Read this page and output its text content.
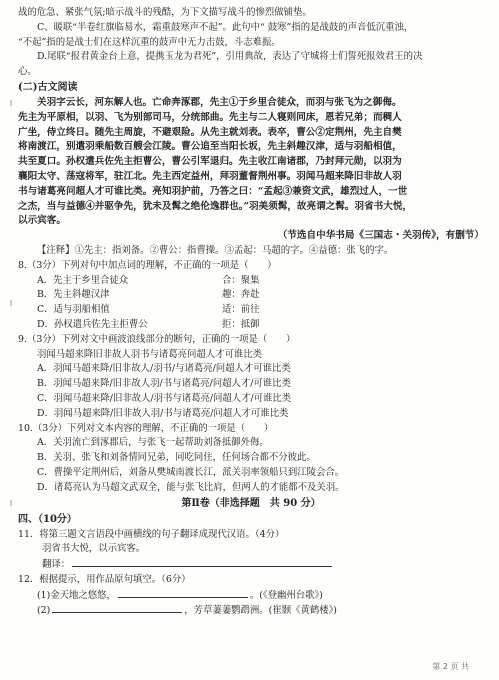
战的危急、紧张气氛;暗示战斗的残酷，为下文描写战斗的惨烈做铺垫。
C、暖联“半卷红旗临易水，霜重鼓寒声不起”。此句中“ 鼓寒”指的是战鼓的声音低沉重浊，
“不起”指的是战士们在这样沉重的鼓声中无力击鼓，斗志难振。
D.尾联“报君黄金台上意，提携玉龙为君死”，引用典故，表达了守城将士们誓死报效君王的决
心。
(二)古文阅读
关羽字云长，河东解人也。亡命奔涿郡，先主①于乡里合徒众，而羽与张飞为之御侮。
先主为平原相，以羽、飞为别部司马，分统部曲。先主与二人寝则同床，恩若兄弟；而稠人
广坐，侍立终日。随先主周旋，不避艰险。从先主就刘表。表卒，曹公②定荆州，先主自樊
将南渡江，别遣羽乘船数百艘会江陵。曹公追至当阳长坂，先主斜趣汉津，适与羽船相值，
共至夏口。孙权遣兵佐先主拒曹公，曹公引军退归。先主收江南诸郡，乃封拜元勋，以羽为
襄阳太守、荡寇将军，驻江北。先主西定益州，拜羽董督荆州事。羽闻马超来降旧非故人羽
书与诸葛亮问超人才可谁比类。亮知羽护前，乃答之曰：“孟起③兼资文武，雄烈过人，一世
之杰，当与益德④并驱争先，犹未及髯之绝伦逸群也。”羽美须髯，故亮谓之髯。羽省书大悦，
以示宾客。
（节选自中华书局《三国志・关羽传》，有删节）
【注释】①先主：指刘备。②曹公：指曹操。③孟起：马超的字。④益德：张飞的字。
8.（3分）下列对句中加点词的理解，不正确的一项是（　　）
A．先主于乡里合徒众	合：聚集
B．先主斜趣汉津	趣：奔赴
C．适与羽船相值	适：前往
D．孙权遣兵佐先主拒曹公	拒：抵御
9.（3分）下列对文中画波浪线部分的断句，正确的一项是（　　）
羽闻马超来降旧非故人羽书与诸葛亮问超人才可谁比类
A．羽闻马超来降/旧非故人/羽书/与诸葛亮/问超人才可谁比类
B．羽闻马超来降/旧非故人羽/书与诸葛亮/问超人才/可谁比类
C．羽闻马超来降/旧非故人/羽书与诸葛亮/问超人才/可谁比类
D．羽闻马超来降/旧非故人羽/书与诸葛亮/问超人才可谁比类
10.（3分）下列对文本内容的理解，不正确的一项是（　　）
A．关羽流亡到涿郡后，与张飞一起帮助刘备抵御外侮。
B．关羽、张飞和刘备情同兄弟，同吃同住，任何场合都不分彼此。
C．曹操平定荆州后，刘备从樊城南渡长江，派关羽率领船只到江陵会合。
D．诸葛亮认为马超文武双全，能与张飞比肩，但两人的才能都不及关羽。
第Ⅱ卷（非选择题　共 90 分）
四、（10分）
11．将第三题文言语段中画横线的句子翻译成现代汉语。（4分）
羽省书大悦，以示宾客。
翻译：
12．根据提示，用作品原句填空。（6分）
(1)金天地之悠悠，	。(《登幽州台歌》)
(2)	，芳草萋萋鹦鹉洲。(崔颢《黄鹤楼》)
第 2 页 共
